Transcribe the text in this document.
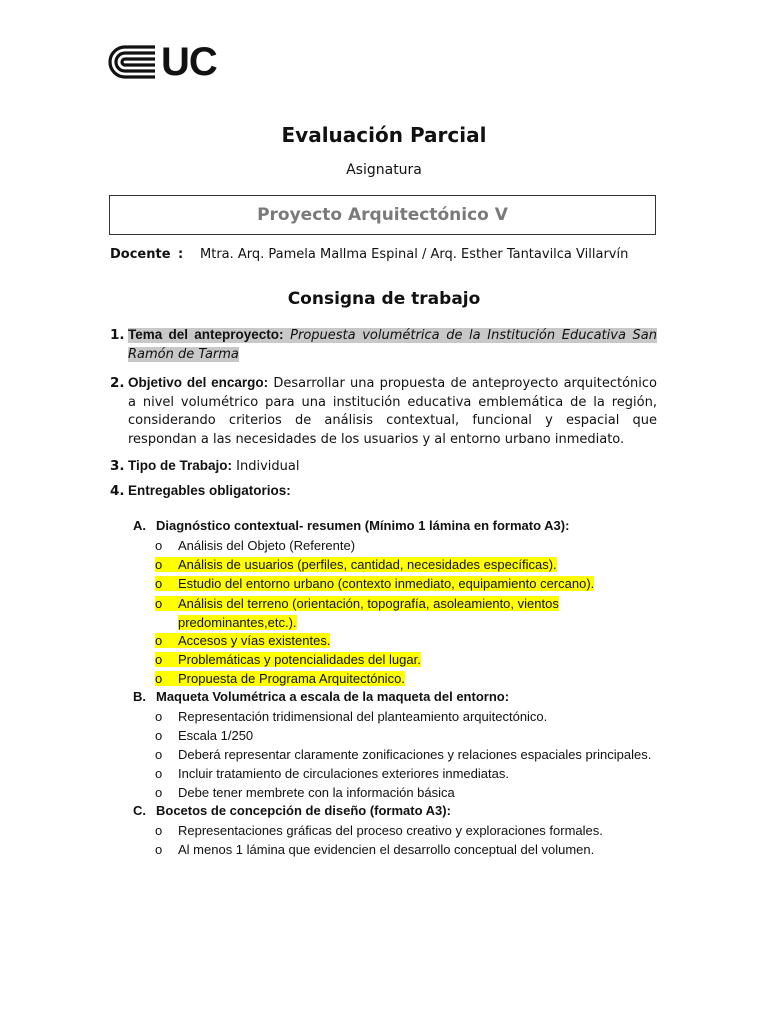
UC
Evaluación Parcial
Asignatura
Proyecto Arquitectónico V
Docente :	Mtra. Arq. Pamela Mallma Espinal / Arq. Esther Tantavilca Villarvín
Consigna de trabajo
1. Tema del anteproyecto: Propuesta volumétrica de la Institución Educativa San Ramón de Tarma
2. Objetivo del encargo: Desarrollar una propuesta de anteproyecto arquitectónico a nivel volumétrico para una institución educativa emblemática de la región, considerando criterios de análisis contextual, funcional y espacial que respondan a las necesidades de los usuarios y al entorno urbano inmediato.
3. Tipo de Trabajo: Individual
4. Entregables obligatorios:
A. Diagnóstico contextual- resumen (Mínimo 1 lámina en formato A3):
o Análisis del Objeto (Referente)
o Análisis de usuarios (perfiles, cantidad, necesidades específicas).
o Estudio del entorno urbano (contexto inmediato, equipamiento cercano).
o Análisis del terreno (orientación, topografía, asoleamiento, vientos
predominantes,etc.).
o Accesos y vías existentes.
o Problemáticas y potencialidades del lugar.
o Propuesta de Programa Arquitectónico.
B. Maqueta Volumétrica a escala de la maqueta del entorno:
o Representación tridimensional del planteamiento arquitectónico.
o Escala 1/250
o Deberá representar claramente zonificaciones y relaciones espaciales principales.
o Incluir tratamiento de circulaciones exteriores inmediatas.
o Debe tener membrete con la información básica
C. Bocetos de concepción de diseño (formato A3):
o Representaciones gráficas del proceso creativo y exploraciones formales.
o Al menos 1 lámina que evidencien el desarrollo conceptual del volumen.
